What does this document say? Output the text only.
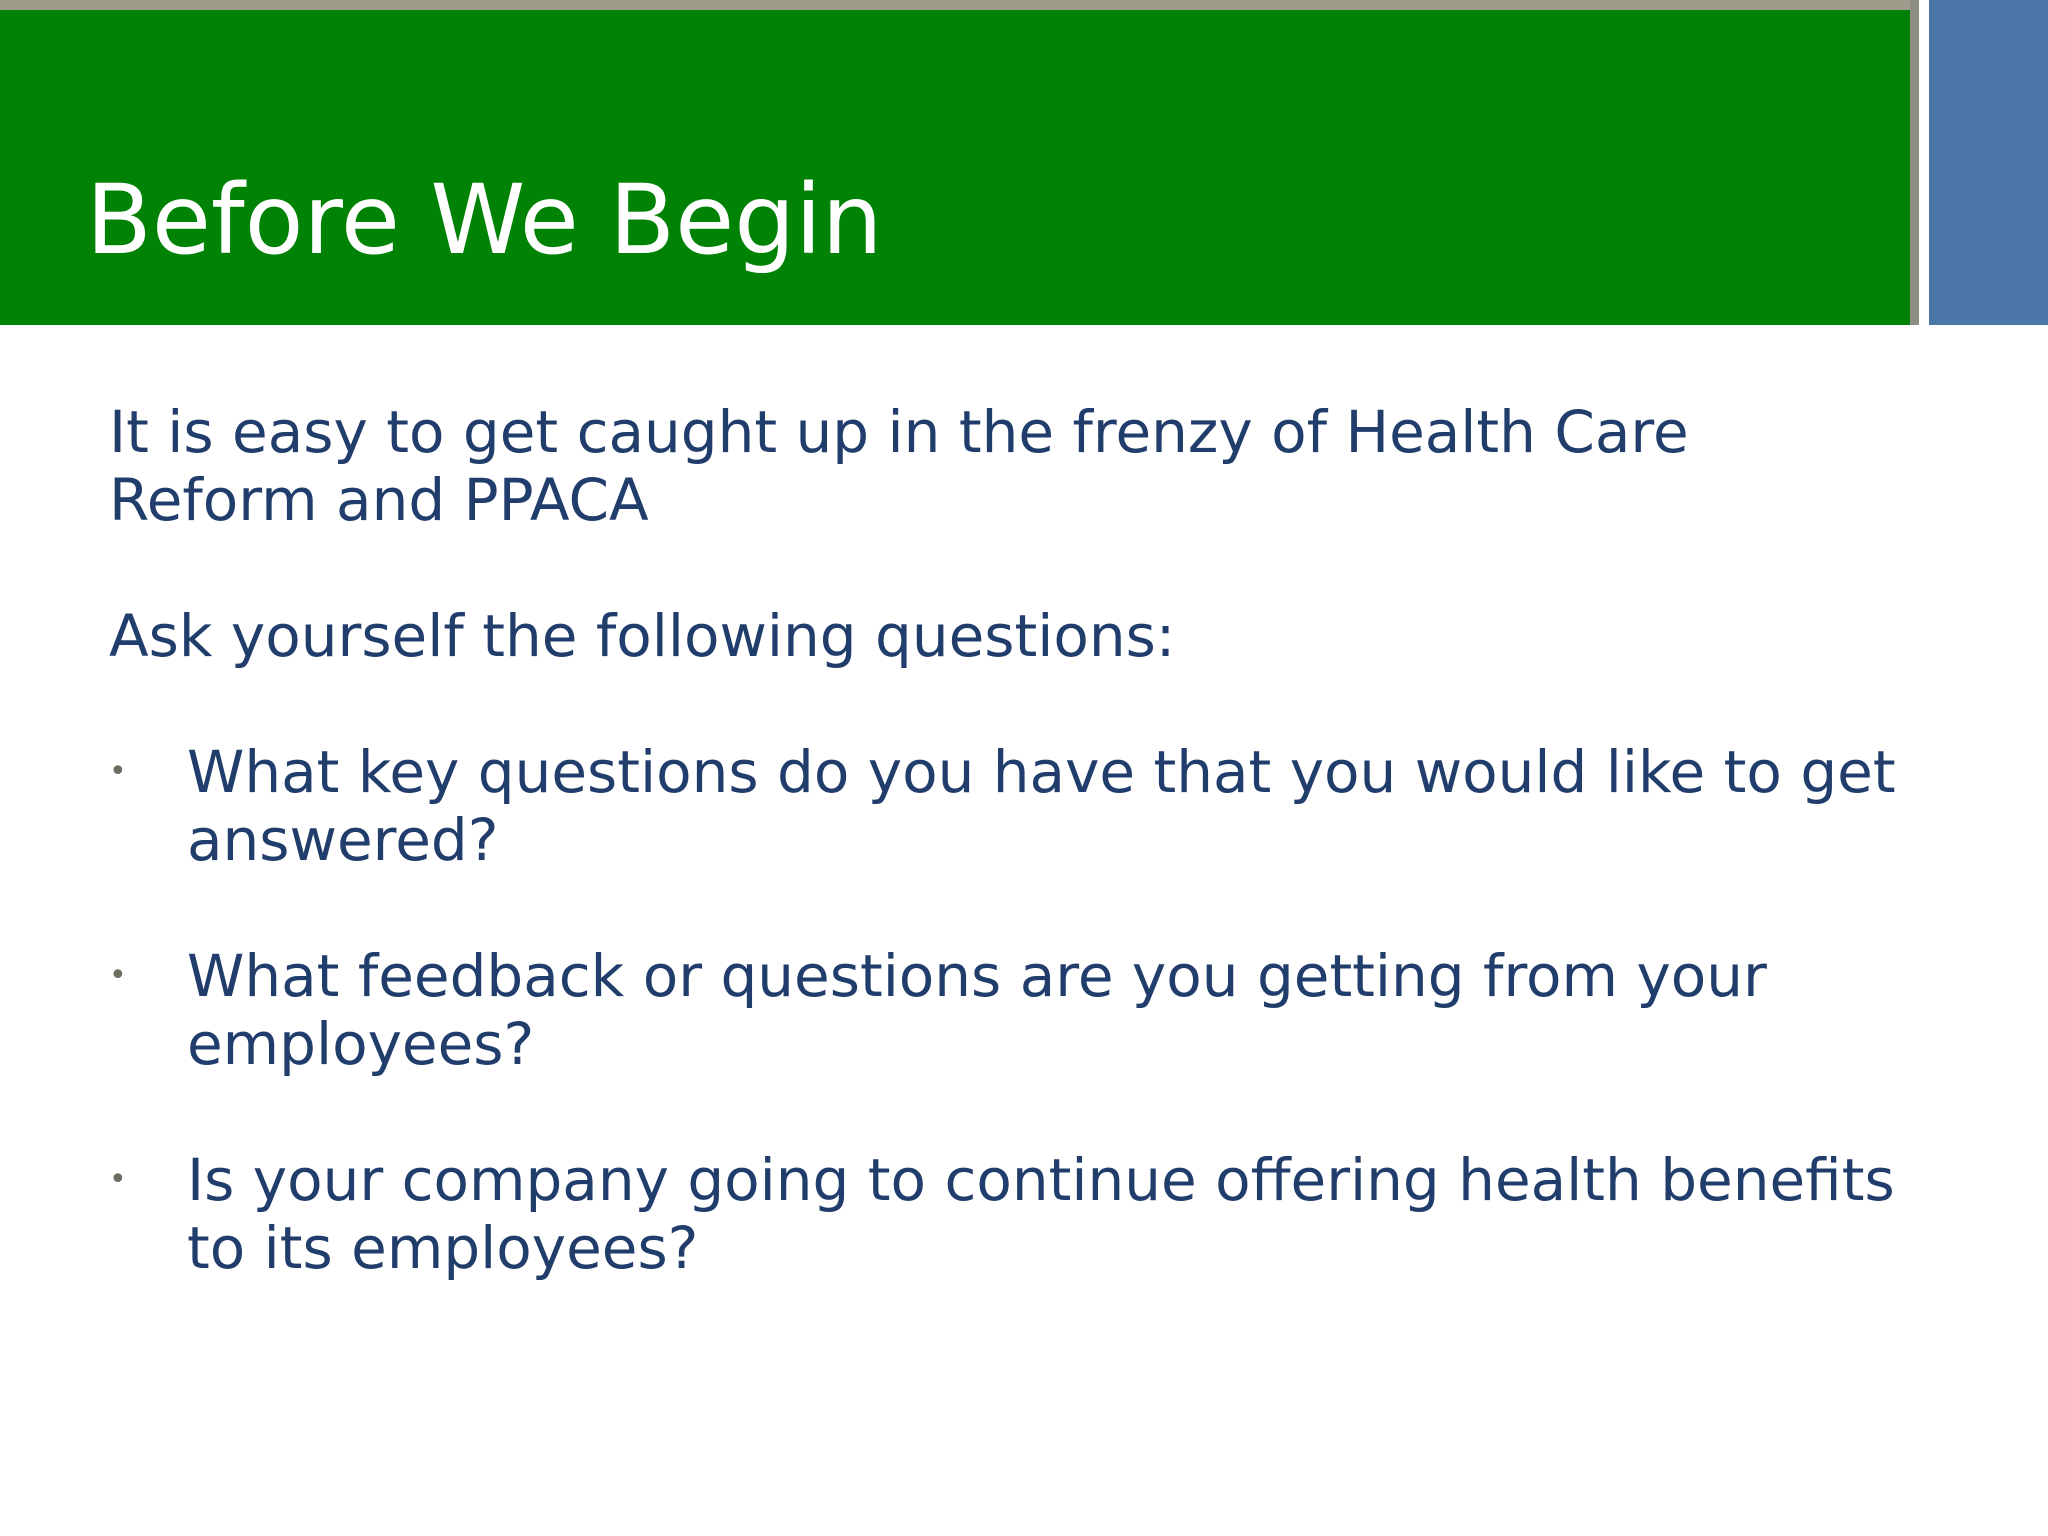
Before We Begin

It is easy to get caught up in the frenzy of Health Care Reform and PPACA

Ask yourself the following questions:

• What key questions do you have that you would like to get answered?
• What feedback or questions are you getting from your employees?
• Is your company going to continue offering health benefits to its employees?
